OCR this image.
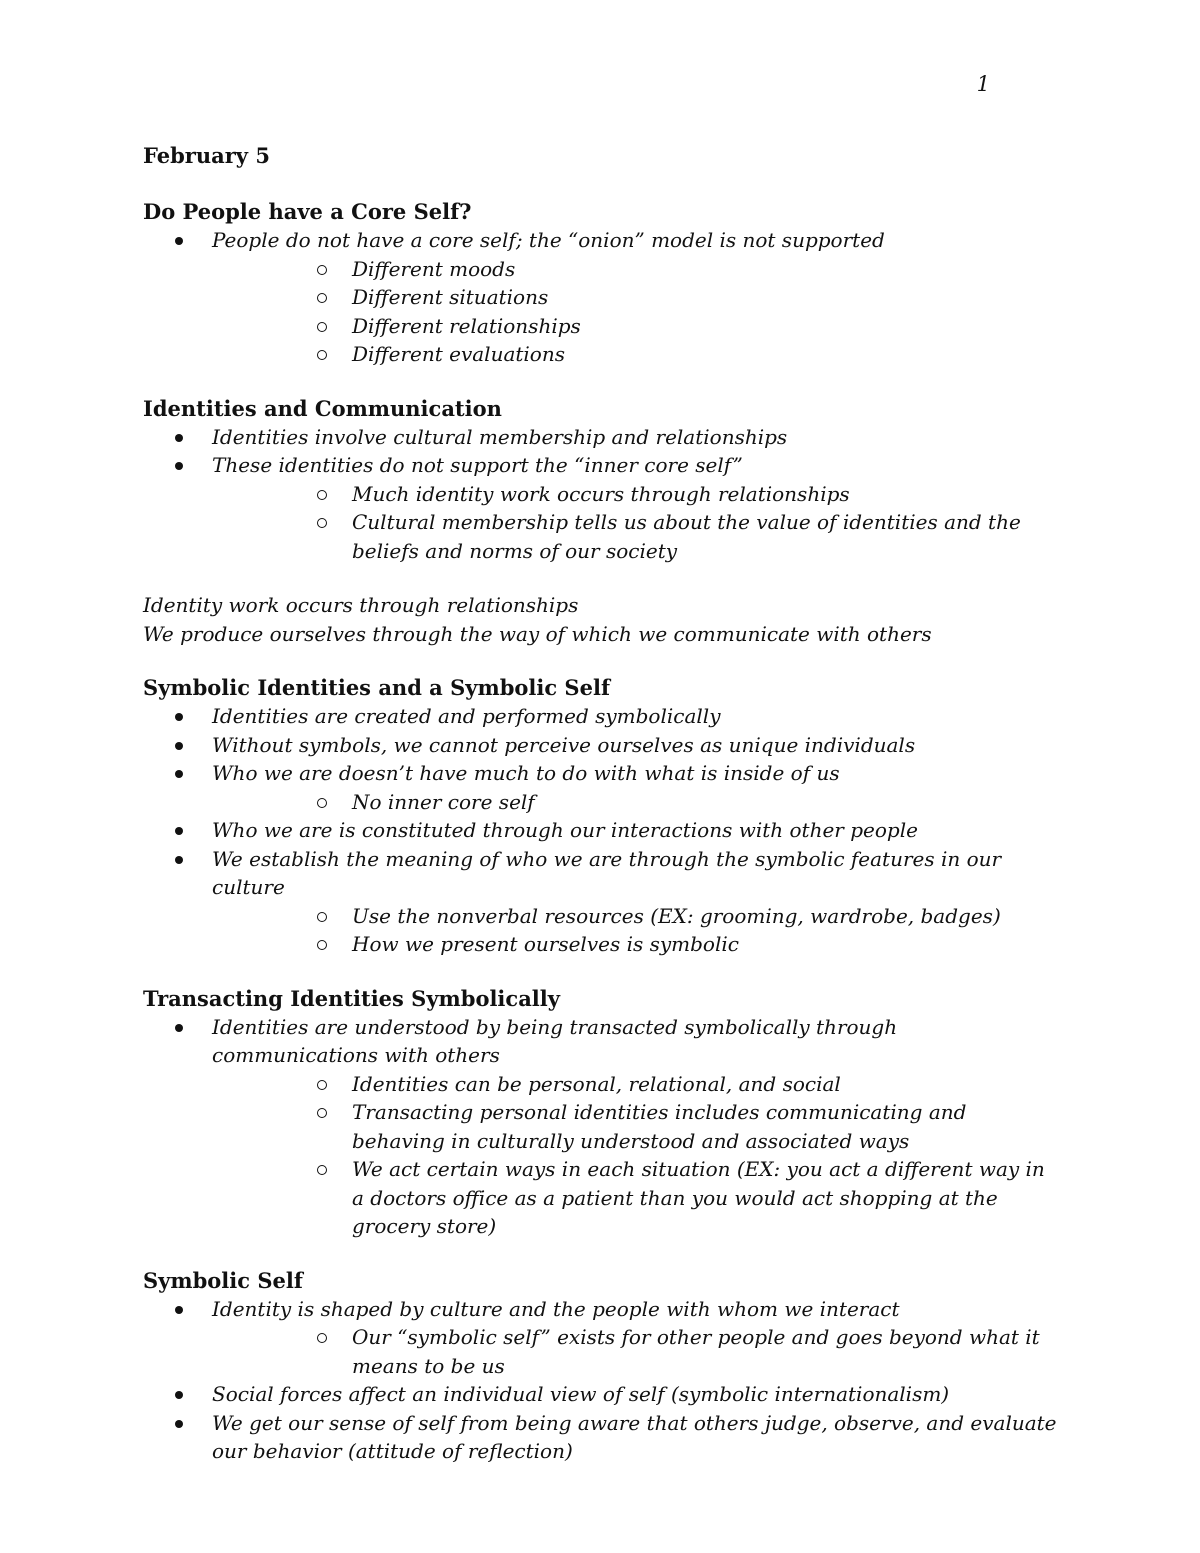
1
February 5
Do People have a Core Self?
People do not have a core self; the “onion” model is not supported
Different moods
Different situations
Different relationships
Different evaluations
Identities and Communication
Identities involve cultural membership and relationships
These identities do not support the “inner core self”
Much identity work occurs through relationships
Cultural membership tells us about the value of identities and the beliefs and norms of our society

Identity work occurs through relationships

We produce ourselves through the way of which we communicate with others

Symbolic Identities and a Symbolic Self
Identities are created and performed symbolically
Without symbols, we cannot perceive ourselves as unique individuals
Who we are doesn’t have much to do with what is inside of us
No inner core self
Who we are is constituted through our interactions with other people
We establish the meaning of who we are through the symbolic features in our culture
Use the nonverbal resources (EX: grooming, wardrobe, badges)
How we present ourselves is symbolic
Transacting Identities Symbolically
Identities are understood by being transacted symbolically through communications with others
Identities can be personal, relational, and social
Transacting personal identities includes communicating and behaving in culturally understood and associated ways
We act certain ways in each situation (EX: you act a different way in a doctors office as a patient than you would act shopping at the grocery store)
Symbolic Self
Identity is shaped by culture and the people with whom we interact
Our “symbolic self” exists for other people and goes beyond what it means to be us
Social forces affect an individual view of self (symbolic internationalism)
We get our sense of self from being aware that others judge, observe, and evaluate our behavior (attitude of reflection)
